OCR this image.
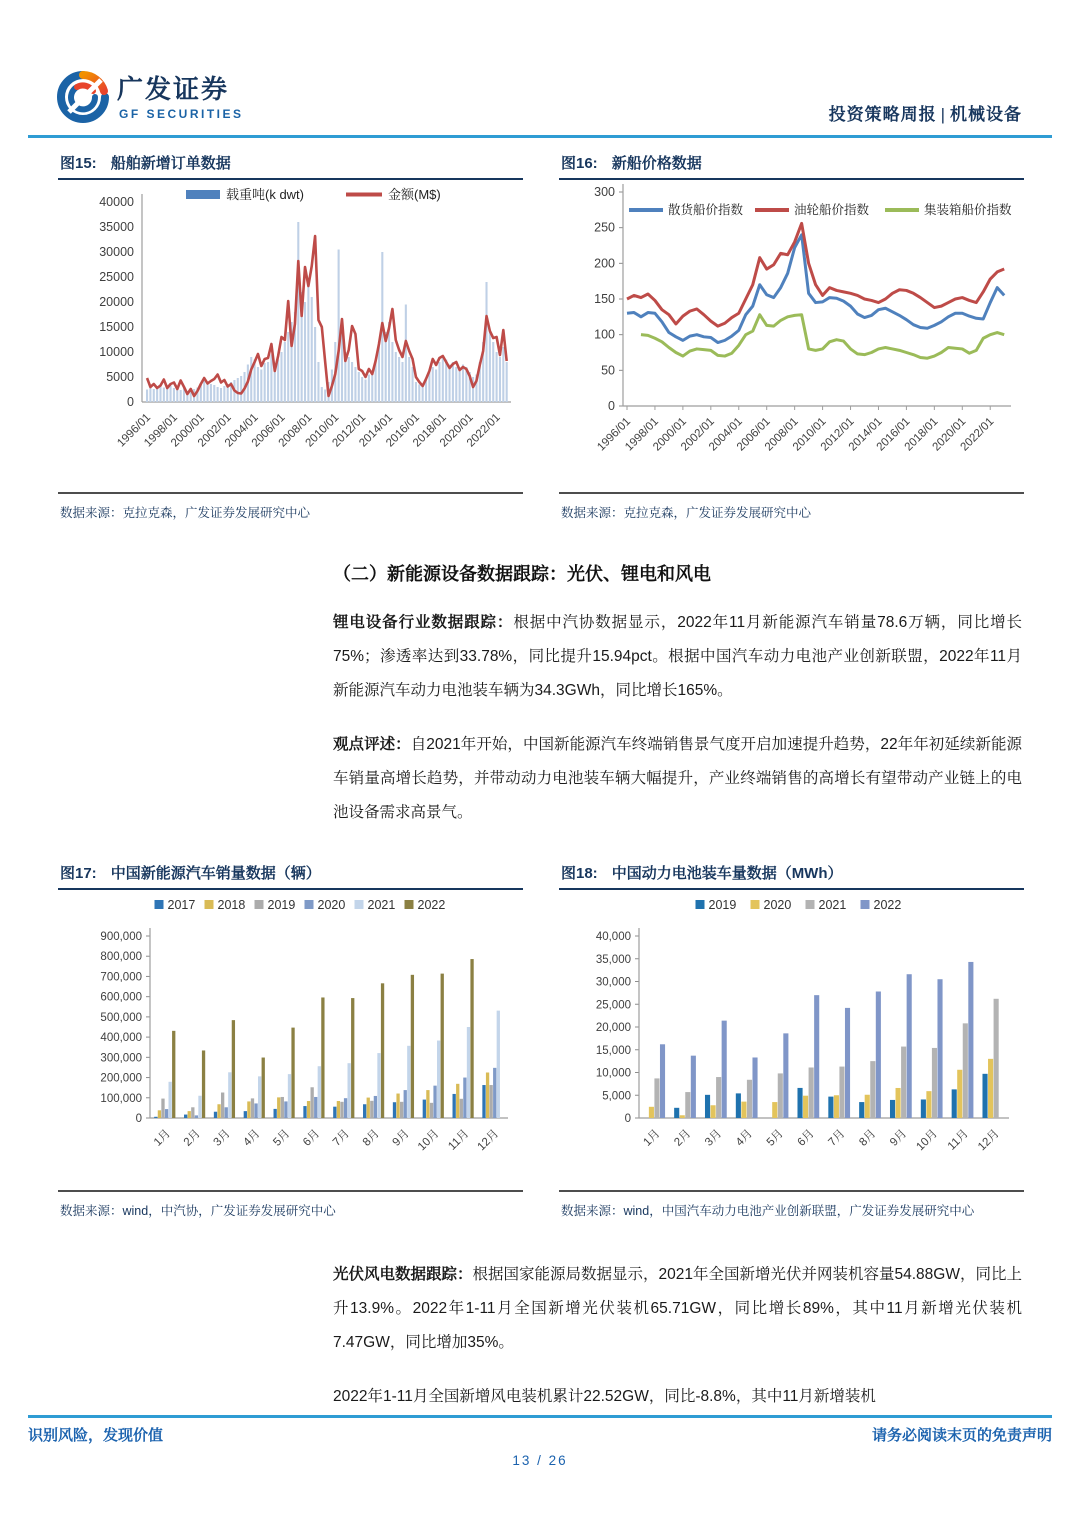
广发证券
GF SECURITIES	投资策略周报 | 机械设备
图15: 船舶新增订单数据
0
5000
10000
15000
20000
25000
30000
35000
40000	载重吨(k dwt)	金额(M$)
1996/01
1998/01
2000/01
2002/01
2004/01
2006/01
2008/01
2010/01
2012/01
2014/01
2016/01
2018/01
2020/01
2022/01
数据来源：克拉克森，广发证券发展研究中心
图16: 新船价格数据
0
50
100
150
200
250
300
散货船价指数	油轮船价指数	集装箱船价指数
1996/01
1998/01
2000/01
2002/01
2004/01
2006/01
2008/01
2010/01
2012/01
2014/01
2016/01
2018/01
2020/01
2022/01
数据来源：克拉克森，广发证券发展研究中心
（二）新能源设备数据跟踪：光伏、锂电和风电

锂电设备行业数据跟踪：根据中汽协数据显示，2022年11月新能源汽车销量78.6万辆，同比增长75%；渗透率达到33.78%，同比提升15.94pct。根据中国汽车动力电池产业创新联盟，2022年11月新能源汽车动力电池装车辆为34.3GWh，同比增长165%。

观点评述：自2021年开始，中国新能源汽车终端销售景气度开启加速提升趋势，22年年初延续新能源车销量高增长趋势，并带动动力电池装车辆大幅提升，产业终端销售的高增长有望带动产业链上的电池设备需求高景气。

图17: 中国新能源汽车销量数据（辆）
0
100,000
200,000
300,000
400,000
500,000
600,000
700,000
800,000
900,000
2017 2018 2019 2020 2021 2022
1月 2月 3月 4月 5月 6月 7月 8月 9月 10月 11月 12月
数据来源：wind，中汽协，广发证券发展研究中心
图18: 中国动力电池装车量数据（MWh）
0
5,000
10,000
15,000
20,000
25,000
30,000
35,000
40,000
2019 2020 2021 2022
1月 2月 3月 4月 5月 6月 7月 8月 9月 10月 11月 12月
数据来源：wind，中国汽车动力电池产业创新联盟，广发证券发展研究中心

光伏风电数据跟踪：根据国家能源局数据显示，2021年全国新增光伏并网装机容量54.88GW，同比上升13.9%。2022年1-11月全国新增光伏装机65.71GW，同比增长89%，其中11月新增光伏装机7.47GW，同比增加35%。

2022年1-11月全国新增风电装机累计22.52GW，同比-8.8%，其中11月新增装机

识别风险，发现价值	请务必阅读末页的免责声明
13 / 26
